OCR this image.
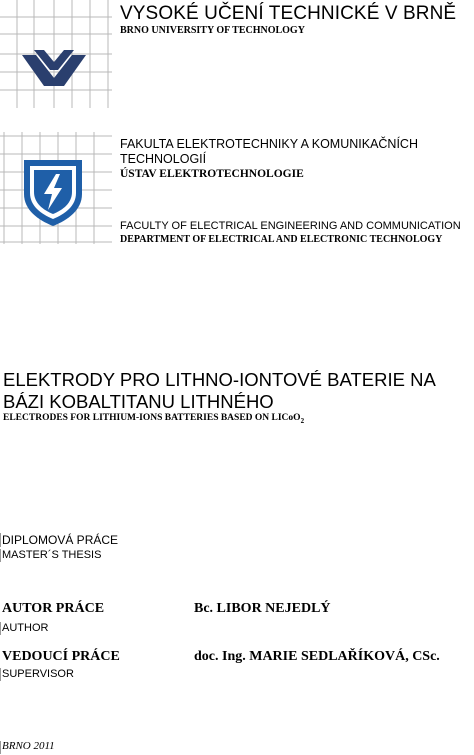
VYSOKÉ UČENÍ TECHNICKÉ V BRNĚ
BRNO UNIVERSITY OF TECHNOLOGY
FAKULTA ELEKTROTECHNIKY A KOMUNIKAČNÍCH TECHNOLOGIÍ
ÚSTAV ELEKTROTECHNOLOGIE
FACULTY OF ELECTRICAL ENGINEERING AND COMMUNICATION
DEPARTMENT OF ELECTRICAL AND ELECTRONIC TECHNOLOGY
ELEKTRODY PRO LITHNO-IONTOVÉ BATERIE NA BÁZI KOBALTITANU LITHNÉHO
ELECTRODES FOR LITHIUM-IONS BATTERIES BASED ON LICoO$_2$
DIPLOMOVÁ PRÁCE
MASTER´S THESIS
AUTOR PRÁCE
AUTHOR
Bc. LIBOR NEJEDLÝ
VEDOUCÍ PRÁCE
SUPERVISOR
doc. Ing. MARIE SEDLAŘÍKOVÁ, CSc.
BRNO 2011
